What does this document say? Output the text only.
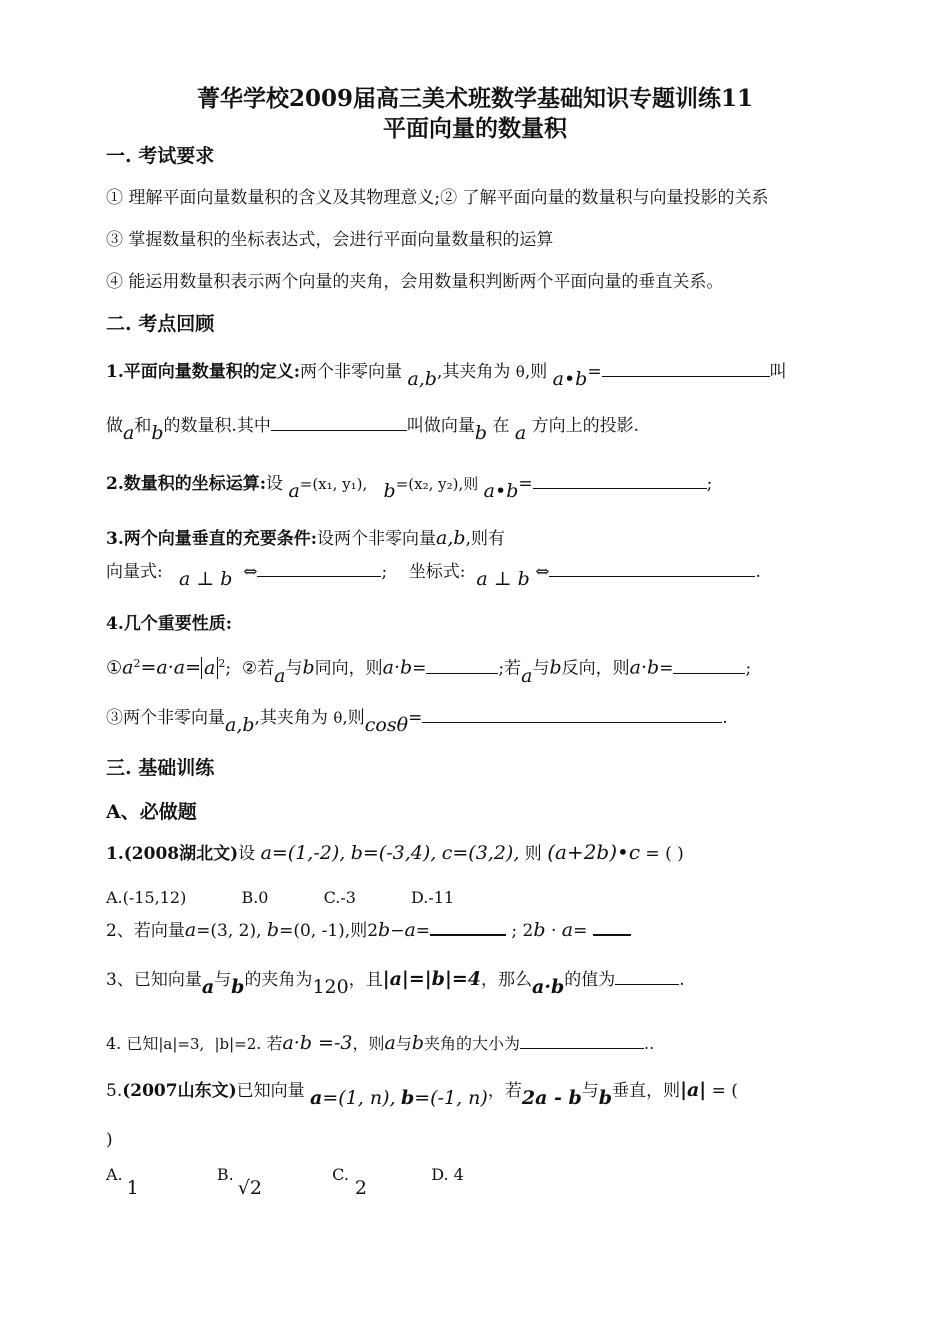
菁华学校2009届高三美术班数学基础知识专题训练11
平面向量的数量积
一. 考试要求
① 理解平面向量数量积的含义及其物理意义;② 了解平面向量的数量积与向量投影的关系
③ 掌握数量积的坐标表达式，会进行平面向量数量积的运算
④ 能运用数量积表示两个向量的夹角，会用数量积判断两个平面向量的垂直关系。
二. 考点回顾
1.平面向量数量积的定义:两个非零向量 a,b,其夹角为 θ,则 a•b=	叫
做a和b的数量积.其中	叫做向量b 在 a 方向上的投影.
2.数量积的坐标运算:设 a=(x₁, y₁), b=(x₂, y₂),则 a•b=	;
3.两个向量垂直的充要条件:设两个非零向量a,b,则有
向量式: a ⊥ b ⇔	; 坐标式: a ⊥ b ⇔	.
4.几个重要性质:
$①a^2=a\cdot a= a$ $^2$; ②若a与b同向，则a·b=	;若a与b反向，则a·b=	;
③两个非零向量a,b,其夹角为 θ,则cosθ=	.
三. 基础训练
A、必做题
1.(2008湖北文)设 a=(1,-2), b=(-3,4), c=(3,2), 则 (a+2b)•c = ( )
A.(-15,12)	B.0	C.-3	D.-11
2、若向量a=(3, 2), b=(0, -1),则2b−a=	; 2b · a=
3、已知向量a与b的夹角为120，且|a|=|b|=4，那么a·b的值为	.
4. 已知|a|=3, |b|=2. 若a·b =-3，则a与b夹角的大小为	..
5.(2007山东文)已知向量 a=(1, n), b=(-1, n)，若2a - b与b垂直，则|a| = (
)
A.1  B.√2  C.2  D. 4
